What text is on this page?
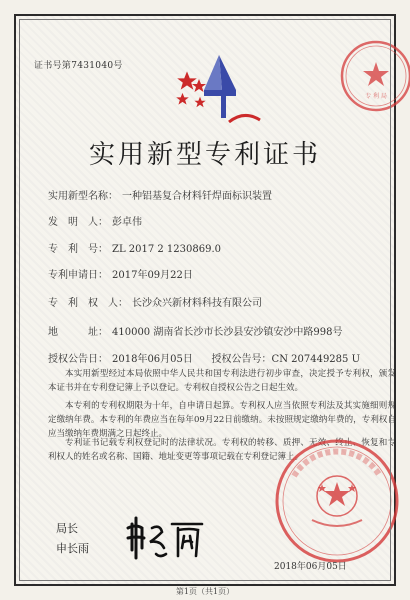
证书号第7431040号
专 利 局
实用新型专利证书
实用新型名称： 一种铝基复合材料钎焊面标识装置
发　明　人： 彭卓伟
专　利　号： ZL 2017 2 1230869.0
专利申请日： 2017年09月22日
专　利　权　人： 长沙众兴新材料科技有限公司
地　　　址： 410000 湖南省长沙市长沙县安沙镇安沙中路998号
授权公告日： 2018年06月05日 授权公告号：CN 207449285 U
本实用新型经过本局依照中华人民共和国专利法进行初步审查，决定授予专利权，颁发本证书并在专利登记簿上予以登记。专利权自授权公告之日起生效。
本专利的专利权期限为十年，自申请日起算。专利权人应当依照专利法及其实施细则规定缴纳年费。本专利的年费应当在每年09月22日前缴纳。未按照规定缴纳年费的，专利权自应当缴纳年费期满之日起终止。
专利证书记载专利权登记时的法律状况。专利权的转移、质押、无效、终止、恢复和专利权人的姓名或名称、国籍、地址变更等事项记载在专利登记簿上。
局长
申长雨
2018年06月05日
第1页（共1页）
